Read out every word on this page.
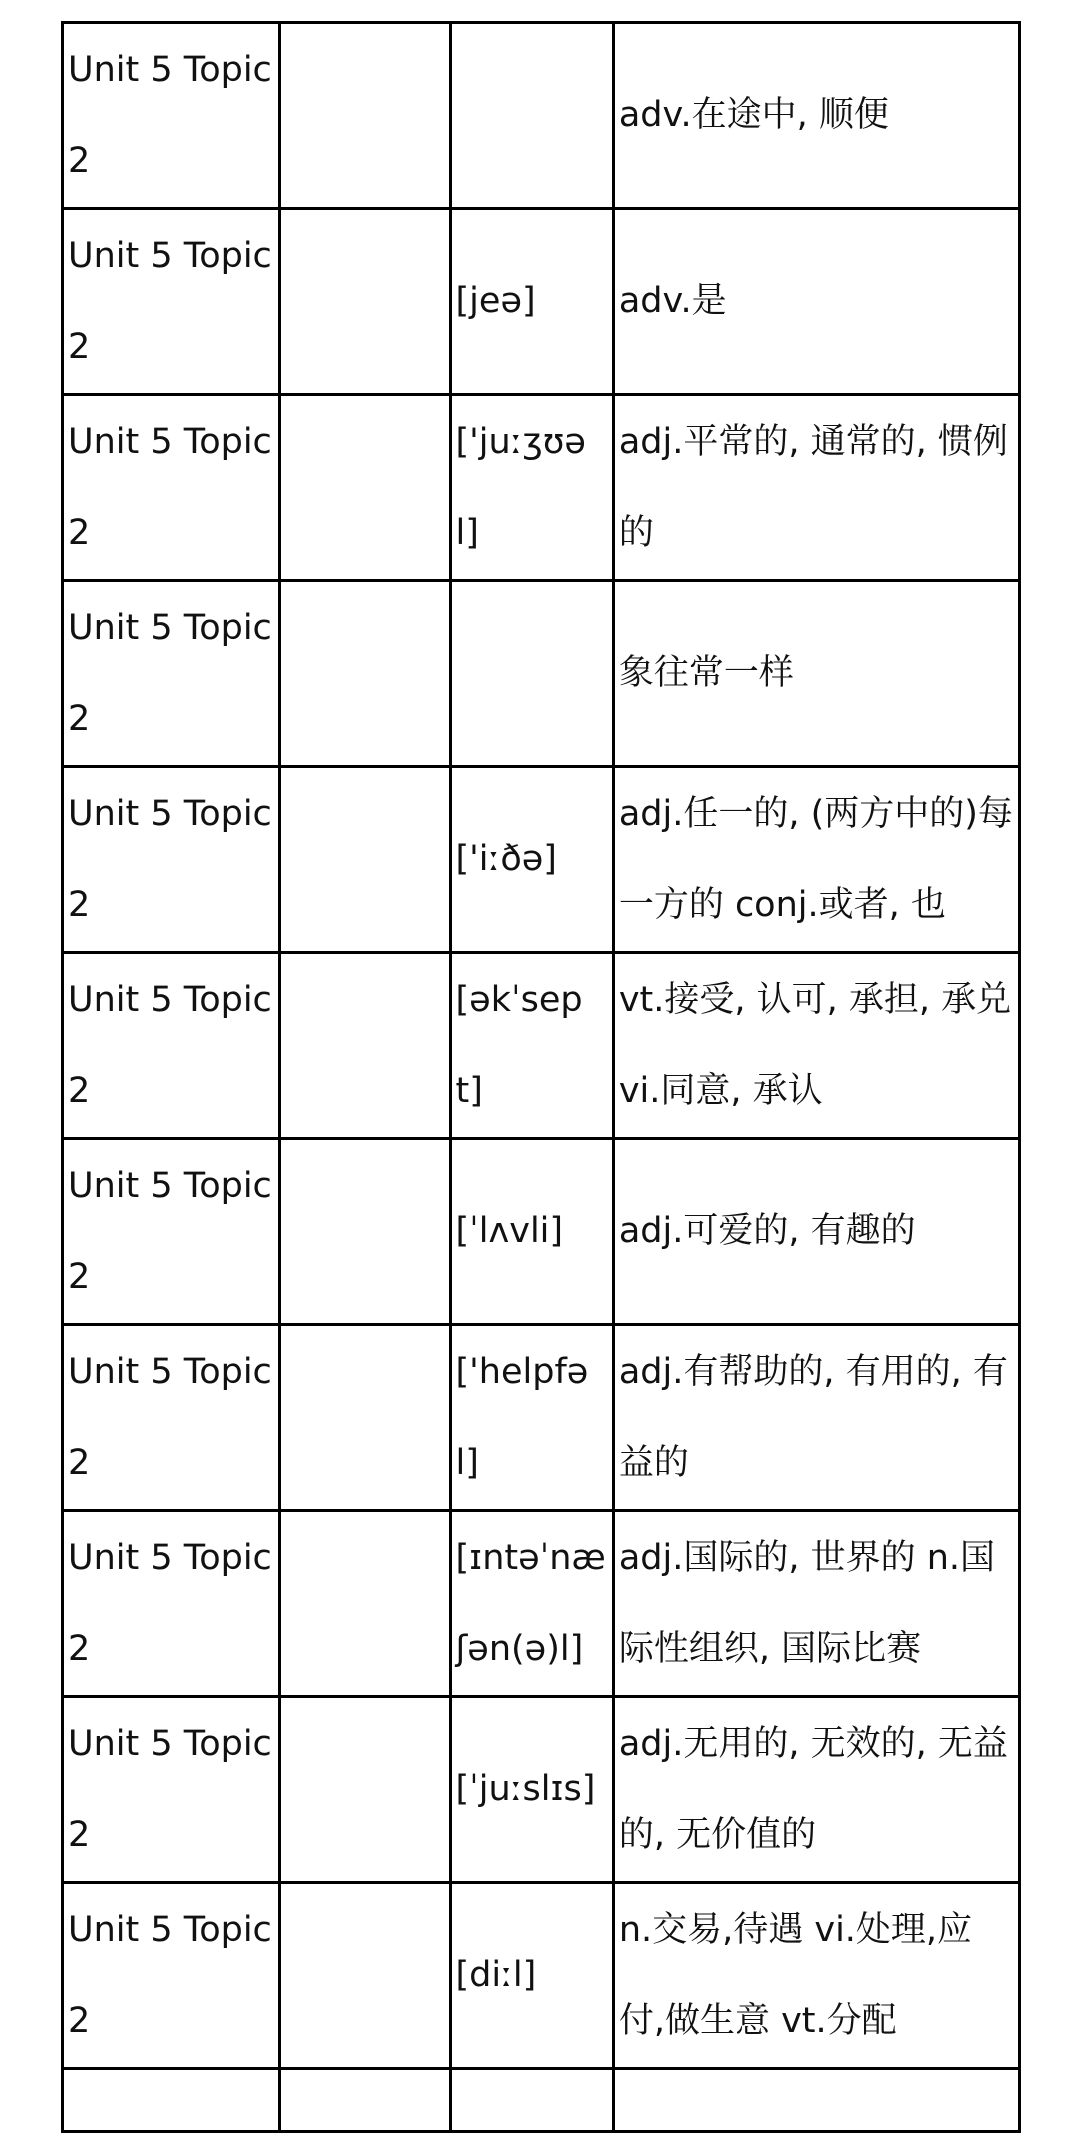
Unit 5 Topic 2			adv.在途中, 顺便
Unit 5 Topic 2		[jeə]	adv.是
Unit 5 Topic 2		['juːʒʊəl]	adj.平常的, 通常的, 惯例的
Unit 5 Topic 2			象往常一样
Unit 5 Topic 2		['iːðə]	adj.任一的, (两方中的)每一方的 conj.或者, 也
Unit 5 Topic 2		[əkˈsept]	vt.接受, 认可, 承担, 承兑 vi.同意, 承认
Unit 5 Topic 2		[ˈlʌvli]	adj.可爱的, 有趣的
Unit 5 Topic 2		['helpfəl]	adj.有帮助的, 有用的, 有益的
Unit 5 Topic 2		[ɪntəˈnæʃən(ə)l]	adj.国际的, 世界的 n.国际性组织, 国际比赛
Unit 5 Topic 2		[ˈjuːslɪs]	adj.无用的, 无效的, 无益的, 无价值的
Unit 5 Topic 2		[diːl]	n.交易,待遇 vi.处理,应付,做生意 vt.分配
